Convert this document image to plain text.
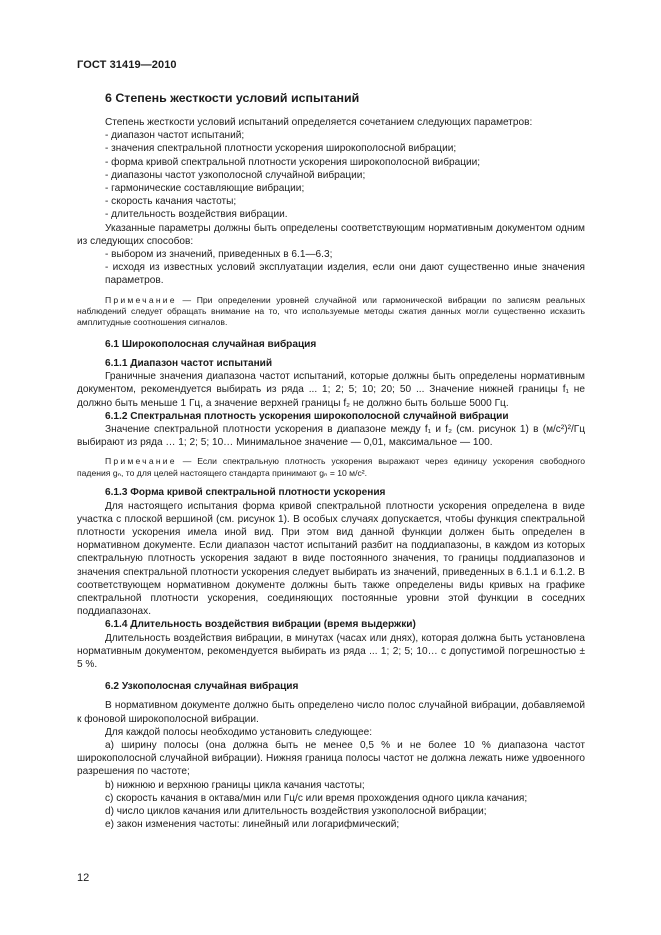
ГОСТ 31419—2010
6 Степень жесткости условий испытаний

Степень жесткости условий испытаний определяется сочетанием следующих параметров:

- диапазон частот испытаний;

- значения спектральной плотности ускорения широкополосной вибрации;

- форма кривой спектральной плотности ускорения широкополосной вибрации;

- диапазоны частот узкополосной случайной вибрации;

- гармонические составляющие вибрации;

- скорость качания частоты;

- длительность воздействия вибрации.

Указанные параметры должны быть определены соответствующим нормативным документом одним из следующих способов:

- выбором из значений, приведенных в 6.1—6.3;

- исходя из известных условий эксплуатации изделия, если они дают существенно иные значения параметров.

Примечание — При определении уровней случайной или гармонической вибрации по записям реальных наблюдений следует обращать внимание на то, что используемые методы сжатия данных могли существенно исказить амплитудные соотношения сигналов.

6.1 Широкополосная случайная вибрация
6.1.1 Диапазон частот испытаний

Граничные значения диапазона частот испытаний, которые должны быть определены нормативным документом, рекомендуется выбирать из ряда ... 1; 2; 5; 10; 20; 50 ... Значение нижней границы f₁ не должно быть меньше 1 Гц, а значение верхней границы f₂ не должно быть больше 5000 Гц.

6.1.2 Спектральная плотность ускорения широкополосной случайной вибрации

Значение спектральной плотности ускорения в диапазоне между f₁ и f₂ (см. рисунок 1) в (м/с²)²/Гц выбирают из ряда … 1; 2; 5; 10… Минимальное значение — 0,01, максимальное — 100.

Примечание — Если спектральную плотность ускорения выражают через единицу ускорения свободного падения gₙ, то для целей настоящего стандарта принимают gₙ = 10 м/с².

6.1.3 Форма кривой спектральной плотности ускорения

Для настоящего испытания форма кривой спектральной плотности ускорения определена в виде участка с плоской вершиной (см. рисунок 1). В особых случаях допускается, чтобы функция спектральной плотности ускорения имела иной вид. При этом вид данной функции должен быть определен в нормативном документе. Если диапазон частот испытаний разбит на поддиапазоны, в каждом из которых спектральную плотность ускорения задают в виде постоянного значения, то границы поддиапазонов и значения спектральной плотности ускорения следует выбирать из значений, приведенных в 6.1.1 и 6.1.2. В соответствующем нормативном документе должны быть также определены виды кривых на графике спектральной плотности ускорения, соединяющих постоянные уровни этой функции в соседних поддиапазонах.

6.1.4 Длительность воздействия вибрации (время выдержки)

Длительность воздействия вибрации, в минутах (часах или днях), которая должна быть установлена нормативным документом, рекомендуется выбирать из ряда ... 1; 2; 5; 10… с допустимой погрешностью ± 5 %.

6.2 Узкополосная случайная вибрация

В нормативном документе должно быть определено число полос случайной вибрации, добавляемой к фоновой широкополосной вибрации.

Для каждой полосы необходимо установить следующее:

а) ширину полосы (она должна быть не менее 0,5 % и не более 10 % диапазона частот широкополосной случайной вибрации). Нижняя граница полосы частот не должна лежать ниже удвоенного разрешения по частоте;

b) нижнюю и верхнюю границы цикла качания частоты;

c) скорость качания в октава/мин или Гц/с или время прохождения одного цикла качания;

d) число циклов качания или длительность воздействия узкополосной вибрации;

e) закон изменения частоты: линейный или логарифмический;

12
